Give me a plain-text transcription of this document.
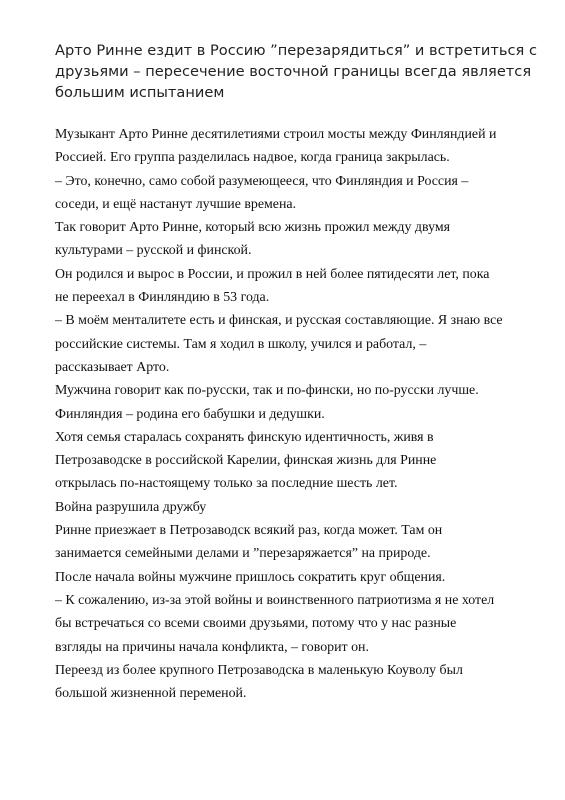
Арто Ринне ездит в Россию ”перезарядиться” и встретиться с
друзьями – пересечение восточной границы всегда является
большим испытанием
Музыкант Арто Ринне десятилетиями строил мосты между Финляндией и
Россией. Его группа разделилась надвое, когда граница закрылась.
– Это, конечно, само собой разумеющееся, что Финляндия и Россия –
соседи, и ещё настанут лучшие времена.
Так говорит Арто Ринне, который всю жизнь прожил между двумя
культурами – русской и финской.
Он родился и вырос в России, и прожил в ней более пятидесяти лет, пока
не переехал в Финляндию в 53 года.
– В моём менталитете есть и финская, и русская составляющие. Я знаю все
российские системы. Там я ходил в школу, учился и работал, –
рассказывает Арто.
Мужчина говорит как по-русски, так и по-фински, но по-русски лучше.
Финляндия – родина его бабушки и дедушки.
Хотя семья старалась сохранять финскую идентичность, живя в
Петрозаводске в российской Карелии, финская жизнь для Ринне
открылась по-настоящему только за последние шесть лет.
Война разрушила дружбу
Ринне приезжает в Петрозаводск всякий раз, когда может. Там он
занимается семейными делами и ”перезаряжается” на природе.
После начала войны мужчине пришлось сократить круг общения.
– К сожалению, из-за этой войны и воинственного патриотизма я не хотел
бы встречаться со всеми своими друзьями, потому что у нас разные
взгляды на причины начала конфликта, – говорит он.
Переезд из более крупного Петрозаводска в маленькую Коуволу был
большой жизненной переменой.
